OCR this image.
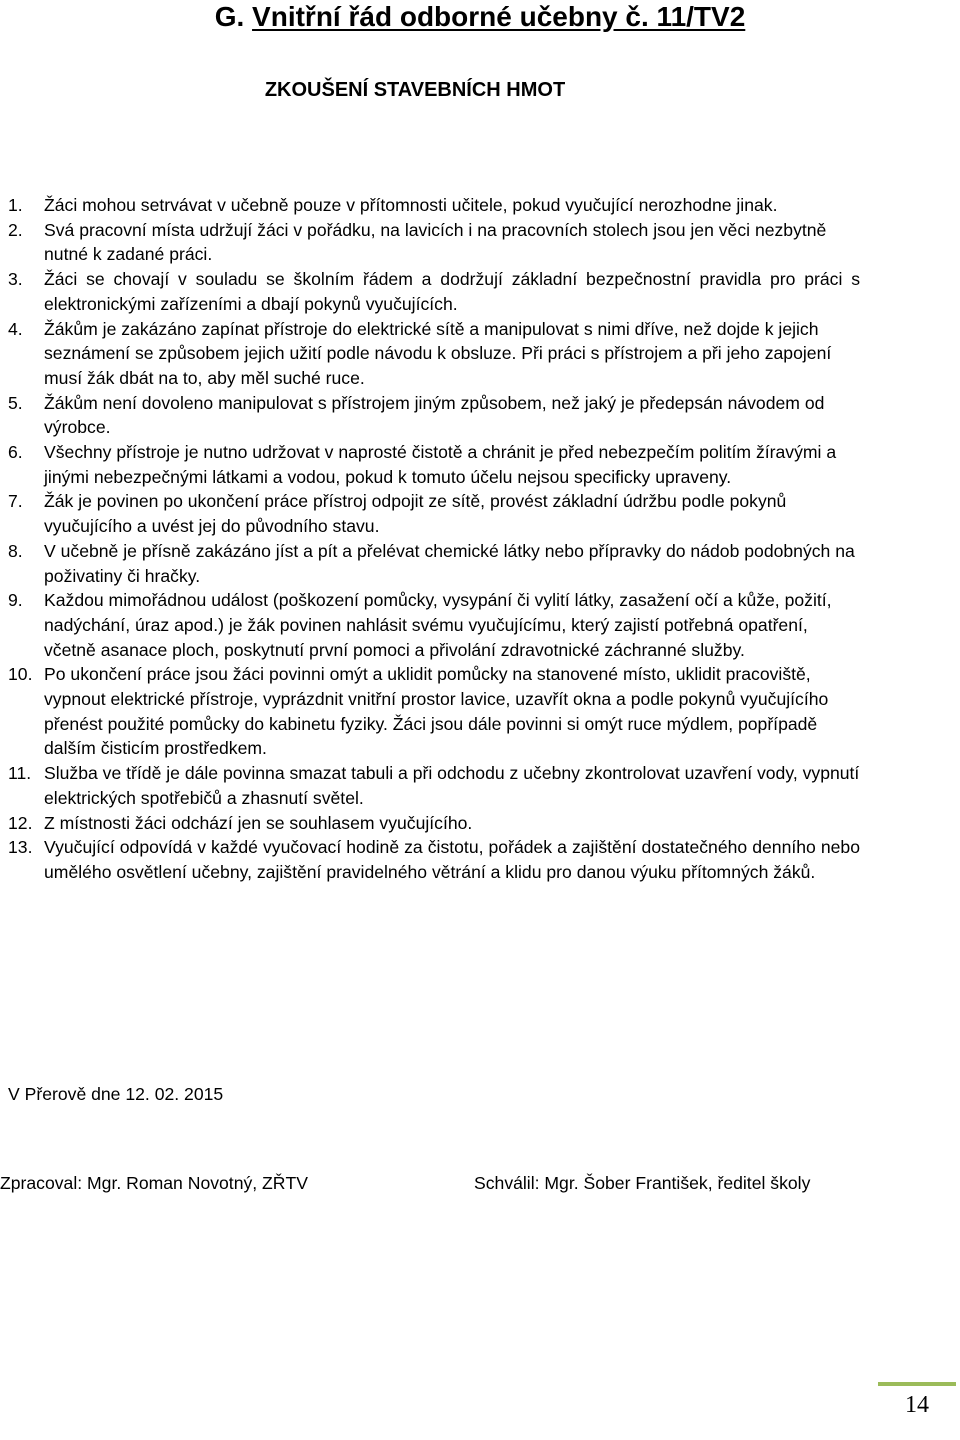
G. Vnitřní řád odborné učebny č. 11/TV2
ZKOUŠENÍ STAVEBNÍCH HMOT
1. Žáci mohou setrvávat v učebně pouze v přítomnosti učitele, pokud vyučující nerozhodne jinak.
2. Svá pracovní místa udržují žáci v pořádku, na lavicích i na pracovních stolech jsou jen věci nezbytně nutné k zadané práci.
3. Žáci se chovají v souladu se školním řádem a dodržují základní bezpečnostní pravidla pro práci s elektronickými zařízeními a dbají pokynů vyučujících.
4. Žákům je zakázáno zapínat přístroje do elektrické sítě a manipulovat s nimi dříve, než dojde k jejich seznámení se způsobem jejich užití podle návodu k obsluze. Při práci s přístrojem a při jeho zapojení musí žák dbát na to, aby měl suché ruce.
5. Žákům není dovoleno manipulovat s přístrojem jiným způsobem, než jaký je předepsán návodem od výrobce.
6. Všechny přístroje je nutno udržovat v naprosté čistotě a chránit je před nebezpečím politím žíravými a jinými nebezpečnými látkami a vodou, pokud k tomuto účelu nejsou specificky upraveny.
7. Žák je povinen po ukončení práce přístroj odpojit ze sítě, provést základní údržbu podle pokynů vyučujícího a uvést jej do původního stavu.
8. V učebně je přísně zakázáno jíst a pít a přelévat chemické látky nebo přípravky do nádob podobných na poživatiny či hračky.
9. Každou mimořádnou událost (poškození pomůcky, vysypání či vylití látky, zasažení očí a kůže, požití, nadýchání, úraz apod.) je žák povinen nahlásit svému vyučujícímu, který zajistí potřebná opatření, včetně asanace ploch, poskytnutí první pomoci a přivolání zdravotnické záchranné služby.
10. Po ukončení práce jsou žáci povinni omýt a uklidit pomůcky na stanovené místo, uklidit pracoviště, vypnout elektrické přístroje, vyprázdnit vnitřní prostor lavice, uzavřít okna a podle pokynů vyučujícího přenést použité pomůcky do kabinetu fyziky. Žáci jsou dále povinni si omýt ruce mýdlem, popřípadě dalším čisticím prostředkem.
11. Služba ve třídě je dále povinna smazat tabuli a při odchodu z učebny zkontrolovat uzavření vody, vypnutí elektrických spotřebičů a zhasnutí světel.
12. Z místnosti žáci odchází jen se souhlasem vyučujícího.
13. Vyučující odpovídá v každé vyučovací hodině za čistotu, pořádek a zajištění dostatečného denního nebo umělého osvětlení učebny, zajištění pravidelného větrání a klidu pro danou výuku přítomných žáků.
V Přerově dne 12. 02. 2015
Zpracoval: Mgr. Roman Novotný, ZŘTV	Schválil: Mgr. Šober František, ředitel školy
14
